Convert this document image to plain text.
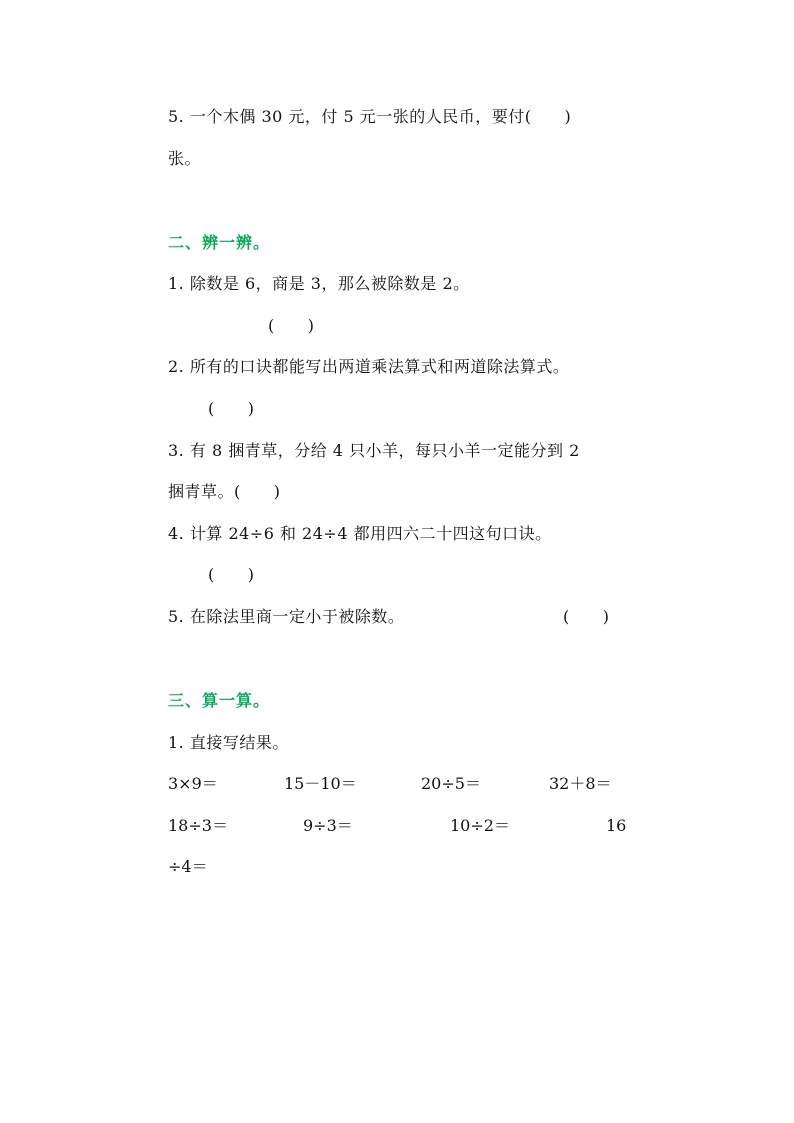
5. 一个木偶 30 元，付 5 元一张的人民币，要付(　　)
张。
二、辨一辨。
1. 除数是 6，商是 3，那么被除数是 2。
(　　)
2. 所有的口诀都能写出两道乘法算式和两道除法算式。
(　　)
3. 有 8 捆青草，分给 4 只小羊，每只小羊一定能分到 2
捆青草。(　　)
4. 计算 24÷6 和 24÷4 都用四六二十四这句口诀。
(　　)
5. 在除法里商一定小于被除数。	(　　)
三、算一算。
1. 直接写结果。
3×9＝	15－10＝	20÷5＝	32＋8＝
18÷3＝	9÷3＝	10÷2＝	16
÷4＝
